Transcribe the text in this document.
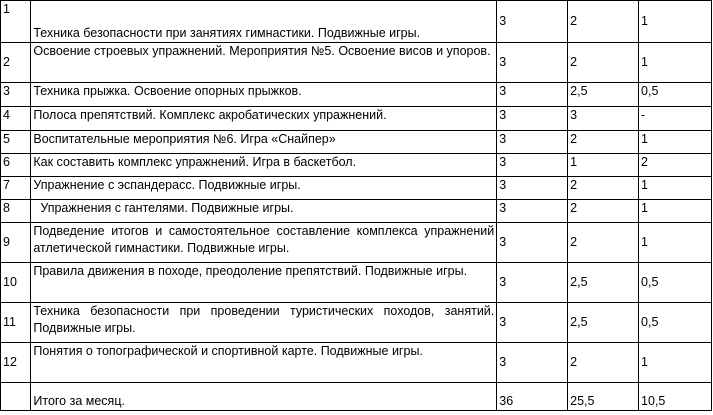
1	Техника безопасности при занятиях гимнастики. Подвижные игры.	3	2	1
2	Освоение строевых упражнений. Мероприятия №5. Освоение висов и упоров.	3	2	1
3	Техника прыжка. Освоение опорных прыжков.	3	2,5	0,5
4	Полоса препятствий. Комплекс акробатических упражнений.	3	3	-
5	Воспитательные мероприятия №6. Игра «Снайпер»	3	2	1
6	Как составить комплекс упражнений. Игра в баскетбол.	3	1	2
7	Упражнение с эспандерасс. Подвижные игры.	3	2	1
8	Упражнения с гантелями. Подвижные игры.	3	2	1
9	Подведение итогов и самостоятельное составление комплекса упражнений атлетической гимнастики. Подвижные игры.	3	2	1
10	Правила движения в походе, преодоление препятствий. Подвижные игры.	3	2,5	0,5
11	Техника безопасности при проведении туристических походов, занятий. Подвижные игры.	3	2,5	0,5
12	Понятия о топографической и спортивной карте. Подвижные игры.	3	2	1
	Итого за месяц.	36	25,5	10,5
